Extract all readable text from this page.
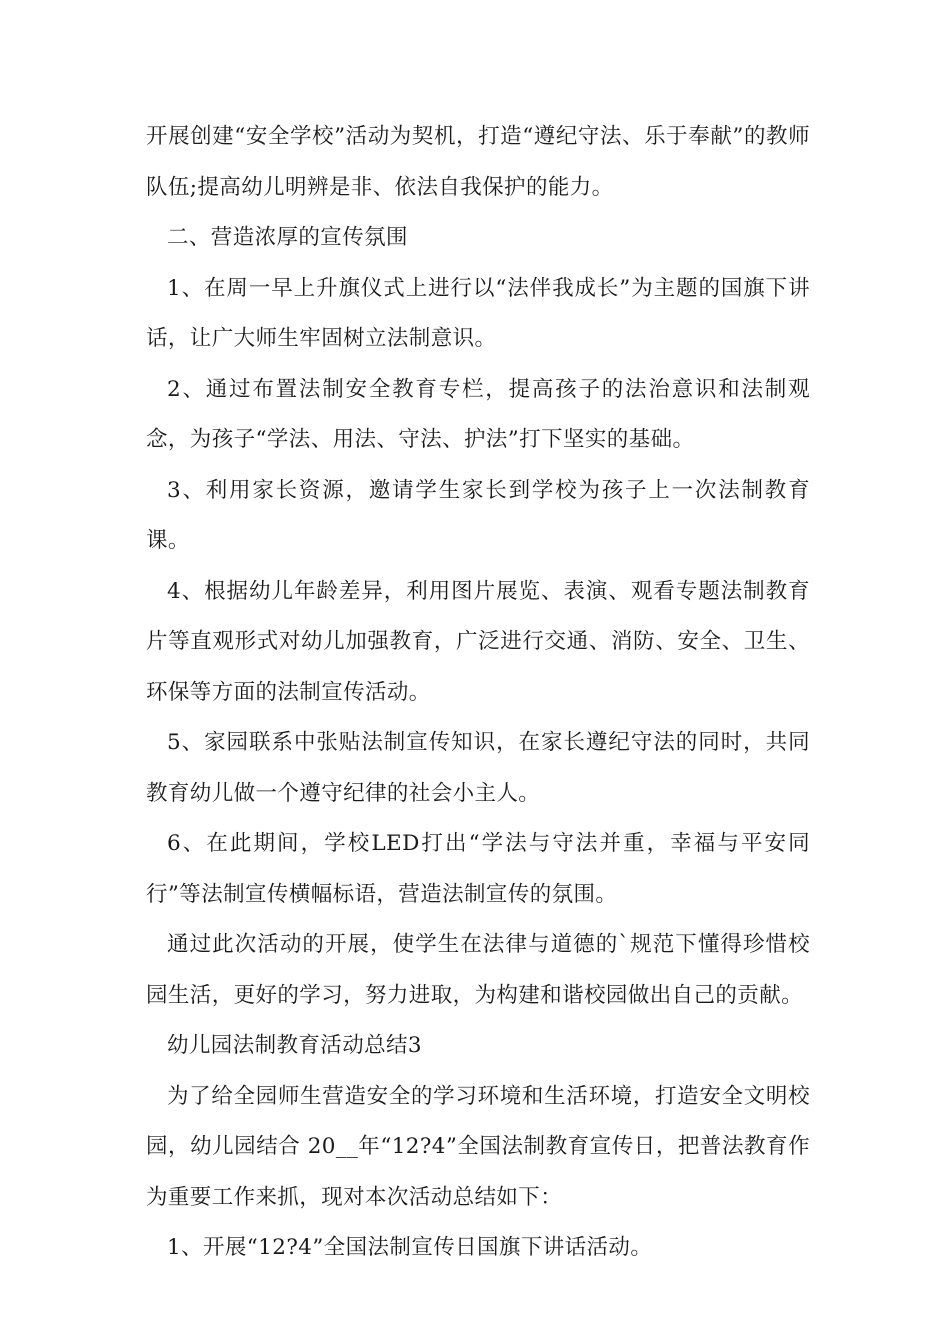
开展创建“安全学校”活动为契机，打造“遵纪守法、乐于奉献”的教师队伍;提高幼儿明辨是非、依法自我保护的能力。

二、营造浓厚的宣传氛围

1、在周一早上升旗仪式上进行以“法伴我成长”为主题的国旗下讲话，让广大师生牢固树立法制意识。

2、通过布置法制安全教育专栏，提高孩子的法治意识和法制观念，为孩子“学法、用法、守法、护法”打下坚实的基础。

3、利用家长资源，邀请学生家长到学校为孩子上一次法制教育课。

4、根据幼儿年龄差异，利用图片展览、表演、观看专题法制教育片等直观形式对幼儿加强教育，广泛进行交通、消防、安全、卫生、环保等方面的法制宣传活动。

5、家园联系中张贴法制宣传知识，在家长遵纪守法的同时，共同教育幼儿做一个遵守纪律的社会小主人。

6、在此期间，学校LED打出“学法与守法并重，幸福与平安同行”等法制宣传横幅标语，营造法制宣传的氛围。

通过此次活动的开展，使学生在法律与道德的`规范下懂得珍惜校园生活，更好的学习，努力进取，为构建和谐校园做出自己的贡献。

幼儿园法制教育活动总结3

为了给全园师生营造安全的学习环境和生活环境，打造安全文明校园，幼儿园结合 20__年“12?4”全国法制教育宣传日，把普法教育作为重要工作来抓，现对本次活动总结如下：

1、开展“12?4”全国法制宣传日国旗下讲话活动。
